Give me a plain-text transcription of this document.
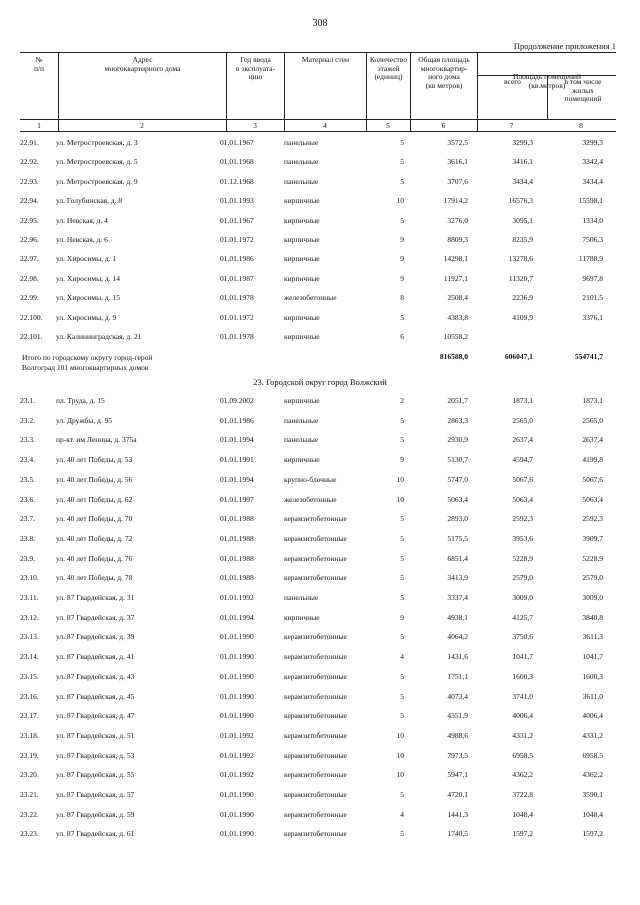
308
Продолжение приложения 1
№
п/п
Адрес
многоквартирного дома
Год ввода
в эксплуата-
цию
Материал стен	Количество
этажей
(единиц)
Общая площадь
многоквартир-
ного дома
(кв метров)

Площадь помещений
(кв.метров)

всего

	в том числе
жилых
помещений

1	2	3	4	5	6	7	8
22.91.	ул. Метростроевская, д. 3	01.01.1967	панельные	5	3572,5	3299,3	3299,3
22.92.	ул. Метростроевская, д. 5	01.01.1968	панельные	5	3616,1	3416,1	3342,4
22.93.	ул. Метростроевская, д. 9	01.12.1968	панельные	5	3707,6	3434,4	3434,4
22.94.	ул. Голубинская, д. 8	01.01.1993	кирпичные	10	17914,2	16576,3	15598,1
22.95.	ул. Невская, д. 4	01.01.1967	кирпичные	5	3276,0	3095,1	1334,0
22.96.	ул. Невская, д. 6	01.01.1972	кирпичные	9	8809,3	8235,9	7506,3
22.97.	ул. Хиросимы, д. 1	01.01.1986	кирпичные	9	14298,1	13278,6	11788,9
22.98.	ул. Хиросимы, д. 14	01.01.1987	кирпичные	9	11927,1	11320,7	9697,8
22.99.	ул. Хиросимы, д. 15	01.01.1978	железобетонные	8	2508,4	2236,9	2101,5
22.100.	ул. Хиросимы, д. 9	01.01.1972	кирпичные	5	4383,8	4109,9	3376,1
22.101.	ул. Калининградская, д. 21	01.01.1978	кирпичные	6	10558,2
Итого по городскому округу город-герой
Волгоград 101 многоквартирных домов
816588,0	606047,1	554741,7
23. Городской округ город Волжский
23.1.	пл. Труда, д. 15	01.09.2002	кирпичные	2	2051,7	1873,1	1873,1
23.2.	ул. Дружбы, д. 95	01.01.1986	панельные	5	2863,3	2565,0	2565,0
23.3.	пр-кт. им Ленина, д. 375а	01.01.1994	панельные	5	2930,9	2637,4	2637,4
23.4.	ул. 40 лет Победы, д. 53	01.01.1991	кирпичные	9	5130,7	4594,7	4199,8
23.5.	ул. 40 лет Победы, д. 56	01.01.1994	крупно-блочные	10	5747,0	5067,6	5067,6
23.6.	ул. 40 лет Победы, д. 62	01.01.1997	железобетонные	10	5063,4	5063,4	5063,4
23.7.	ул. 40 лет Победы, д. 70	01.01.1988	керамзитобетонные	5	2893,0	2592,3	2592,3
23.8.	ул. 40 лет Победы, д. 72	01.01.1988	керамзитобетонные	5	5175,5	3953,6	3909,7
23.9.	ул. 40 лет Победы, д. 76	01.01.1988	керамзитобетонные	5	6851,4	5228,9	5228,9
23.10.	ул. 40 лет Победы, д. 78	01.01.1988	керамзитобетонные	5	3413,9	2579,0	2579,0
23.11.	ул. 87 Гвардейская, д. 31	01.01.1992	панельные	5	3337,4	3009,0	3009,0
23.12.	ул. 87 Гвардейская, д. 37	01.01.1994	кирпичные	9	4938,1	4125,7	3840,8
23.13.	ул. 87 Гвардейская, д. 39	01.01.1990	керамзитобетонные	5	4064,2	3750,6	3611,3
23.14.	ул. 87 Гвардейская, д. 41	01.01.1990	керамзитобетонные	4	1431,6	1041,7	1041,7
23.15.	ул. 87 Гвардейская, д. 43	01.01.1990	керамзитобетонные	5	1751,1	1600,3	1600,3
23.16.	ул. 87 Гвардейская, д. 45	01.01.1990	керамзитобетонные	5	4073,4	3741,0	3611,0
23.17.	ул. 87 Гвардейская, д. 47	01.01.1990	керамзитобетонные	5	4351,9	4006,4	4006,4
23.18.	ул. 87 Гвардейская, д. 51	01.01.1992	керамзитобетонные	10	4988,6	4331,2	4331,2
23.19.	ул. 87 Гвардейская, д. 53	01.01.1992	керамзитобетонные	10	7973,5	6958,5	6958,5
23.20.	ул. 87 Гвардейская, д. 55	01.01.1992	керамзитобетонные	10	5947,1	4362,2	4362,2
23.21.	ул. 87 Гвардейская, д. 57	01.01.1990	керамзитобетонные	5	4720,1	3722,8	3590,1
23.22.	ул. 87 Гвардейская, д. 59	01.01.1990	керамзитобетонные	4	1441,3	1048,4	1048,4
23.23.	ул. 87 Гвардейская, д. 61	01.01.1990	керамзитобетонные	5	1740,5	1597,2	1597,2
